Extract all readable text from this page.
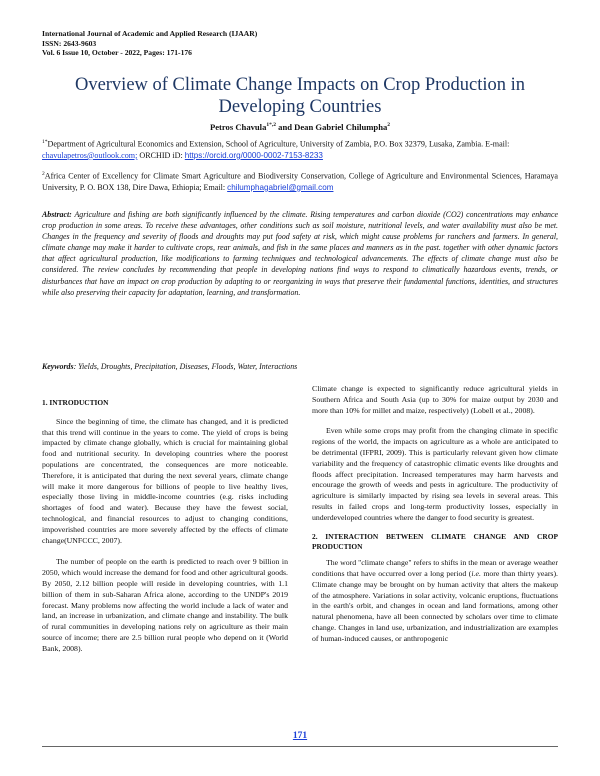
International Journal of Academic and Applied Research (IJAAR)
ISSN: 2643-9603
Vol. 6 Issue 10, October - 2022, Pages: 171-176
Overview of Climate Change Impacts on Crop Production in Developing Countries
Petros Chavula$^{1*,2}$ and Dean Gabriel Chilumpha$^2$
$^{1*}$Department of Agricultural Economics and Extension, School of Agriculture, University of Zambia, P.O. Box 32379, Lusaka, Zambia. E-mail: chavulapetros@outlook.com; ORCHID iD: https://orcid.org/0000-0002-7153-8233
$^2$Africa Center of Excellency for Climate Smart Agriculture and Biodiversity Conservation, College of Agriculture and Environmental Sciences, Haramaya University, P. O. BOX 138, Dire Dawa, Ethiopia; Email: chilumphagabriel@gmail.com
Abstract: Agriculture and fishing are both significantly influenced by the climate. Rising temperatures and carbon dioxide (CO2) concentrations may enhance crop production in some areas. To receive these advantages, other conditions such as soil moisture, nutritional levels, and water availability must also be met. Changes in the frequency and severity of floods and droughts may put food safety at risk, which might cause problems for ranchers and farmers. In general, climate change may make it harder to cultivate crops, rear animals, and fish in the same places and manners as in the past. together with other dynamic factors that affect agricultural production, like modifications to farming techniques and technological advancements. The effects of climate change must also be considered. The review concludes by recommending that people in developing nations find ways to respond to climatically hazardous events, trends, or disturbances that have an impact on crop production by adapting to or reorganizing in ways that preserve their fundamental functions, identities, and structures while also preserving their capacity for adaptation, learning, and transformation.
Keywords: Yields, Droughts, Precipitation, Diseases, Floods, Water, Interactions

1. INTRODUCTION

Since the beginning of time, the climate has changed, and it is predicted that this trend will continue in the years to come. The yield of crops is being impacted by climate change globally, which is crucial for maintaining global food and nutritional security. In developing countries where the poorest populations are concentrated, the consequences are more noticeable. Therefore, it is anticipated that during the next several years, climate change will make it more dangerous for billions of people to live healthy lives, especially those living in middle-income countries (e.g. risks including shortages of food and water). Because they have the fewest social, technological, and financial resources to adjust to changing conditions, impoverished countries are more severely affected by the effects of climate change(UNFCCC, 2007).

The number of people on the earth is predicted to reach over 9 billion in 2050, which would increase the demand for food and other agricultural goods. By 2050, 2.12 billion people will reside in developing countries, with 1.1 billion of them in sub-Saharan Africa alone, according to the UNDP's 2019 forecast. Many problems now affecting the world include a lack of water and land, an increase in urbanization, and climate change and instability. The bulk of rural communities in developing nations rely on agriculture as their main source of income; there are 2.5 billion rural people who depend on it (World Bank, 2008).

Climate change is expected to significantly reduce agricultural yields in Southern Africa and South Asia (up to 30% for maize output by 2030 and more than 10% for millet and maize, respectively) (Lobell et al., 2008).

Even while some crops may profit from the changing climate in specific regions of the world, the impacts on agriculture as a whole are anticipated to be detrimental (IFPRI, 2009). This is particularly relevant given how climate variability and the frequency of catastrophic climatic events like droughts and floods affect precipitation. Increased temperatures may harm harvests and encourage the growth of weeds and pests in agriculture. The productivity of agriculture is similarly impacted by rising sea levels in several areas. This results in failed crops and long-term productivity losses, especially in underdeveloped countries where the danger to food security is greatest.

2. INTERACTION BETWEEN CLIMATE CHANGE AND CROP PRODUCTION

The word "climate change" refers to shifts in the mean or average weather conditions that have occurred over a long period (i.e. more than thirty years). Climate change may be brought on by human activity that alters the makeup of the atmosphere. Variations in solar activity, volcanic eruptions, fluctuations in the earth's orbit, and changes in ocean and land formations, among other natural phenomena, have all been connected by scholars over time to climate change. Changes in land use, urbanization, and industrialization are examples of human-induced causes, or anthropogenic

171
